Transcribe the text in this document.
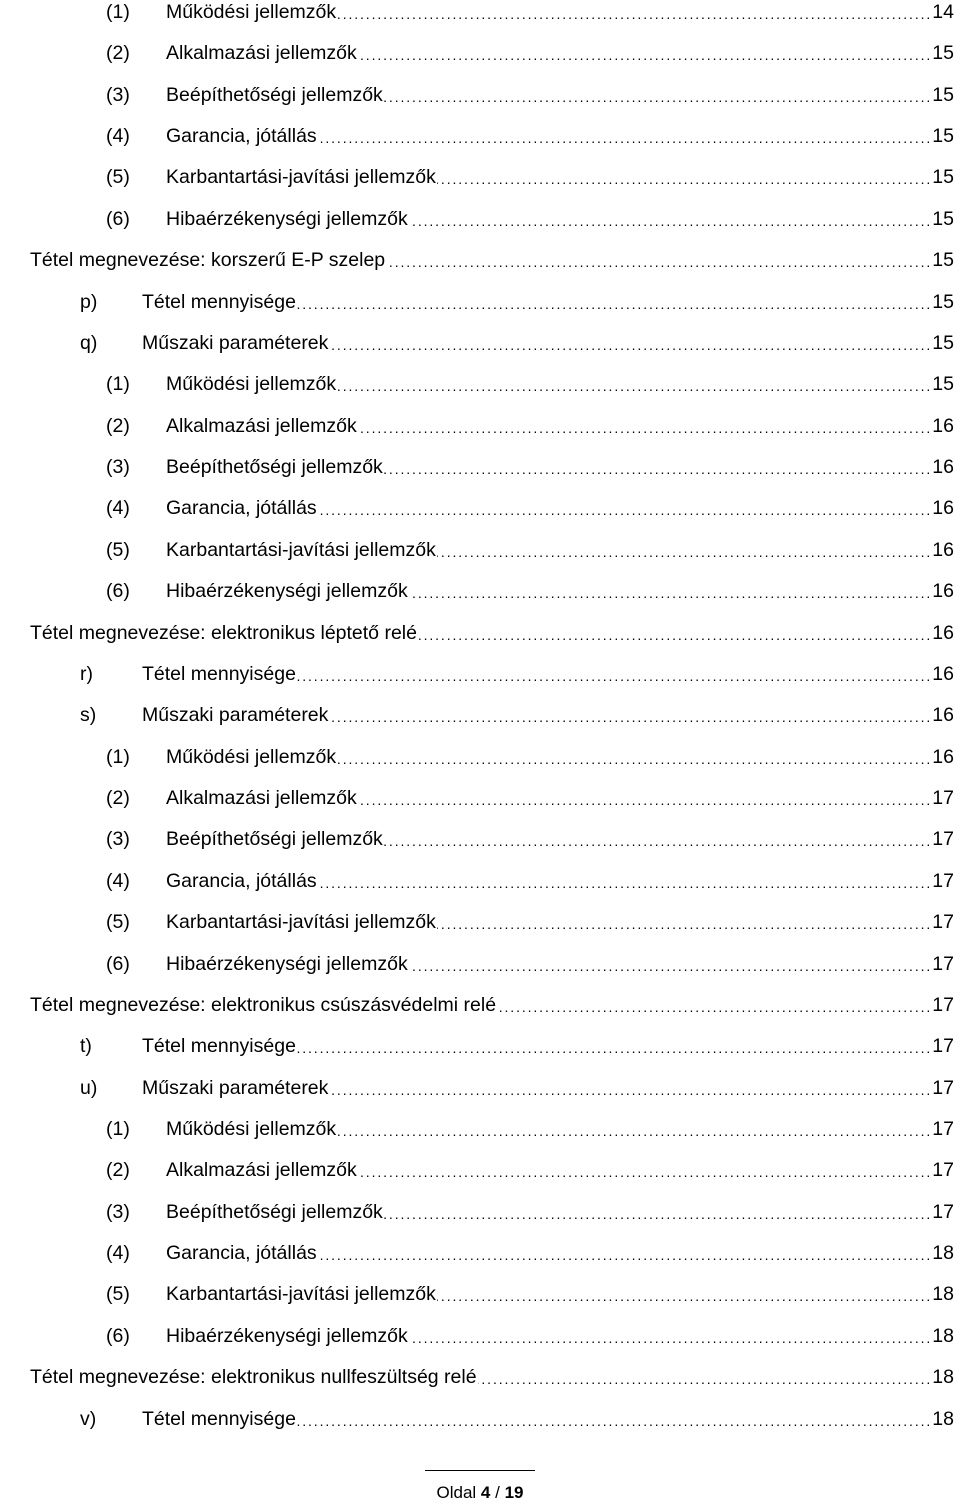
(1)	Működési jellemzők . . .	14
(2)	Alkalmazási jellemzők . . .	15
(3)	Beépíthetőségi jellemzők . . .	15
(4)	Garancia, jótállás . . .	15
(5)	Karbantartási-javítási jellemzők . . .	15
(6)	Hibaérzékenységi jellemzők . . .	15
Tétel megnevezése: korszerű E-P szelep . . .	15
p)	Tétel mennyisége . . .	15
q)	Műszaki paraméterek . . .	15
(1)	Működési jellemzők . . .	15
(2)	Alkalmazási jellemzők . . .	16
(3)	Beépíthetőségi jellemzők . . .	16
(4)	Garancia, jótállás . . .	16
(5)	Karbantartási-javítási jellemzők . . .	16
(6)	Hibaérzékenységi jellemzők . . .	16
Tétel megnevezése: elektronikus léptető relé . . .	16
r)	Tétel mennyisége . . .	16
s)	Műszaki paraméterek . . .	16
(1)	Működési jellemzők . . .	16
(2)	Alkalmazási jellemzők . . .	17
(3)	Beépíthetőségi jellemzők . . .	17
(4)	Garancia, jótállás . . .	17
(5)	Karbantartási-javítási jellemzők . . .	17
(6)	Hibaérzékenységi jellemzők . . .	17
Tétel megnevezése: elektronikus csúszásvédelmi relé . . .	17
t)	Tétel mennyisége . . .	17
u)	Műszaki paraméterek . . .	17
(1)	Működési jellemzők . . .	17
(2)	Alkalmazási jellemzők . . .	17
(3)	Beépíthetőségi jellemzők . . .	17
(4)	Garancia, jótállás . . .	18
(5)	Karbantartási-javítási jellemzők . . .	18
(6)	Hibaérzékenységi jellemzők . . .	18
Tétel megnevezése: elektronikus nullfeszültség relé . . .	18
v)	Tétel mennyisége . . .	18
Oldal 4 / 19
